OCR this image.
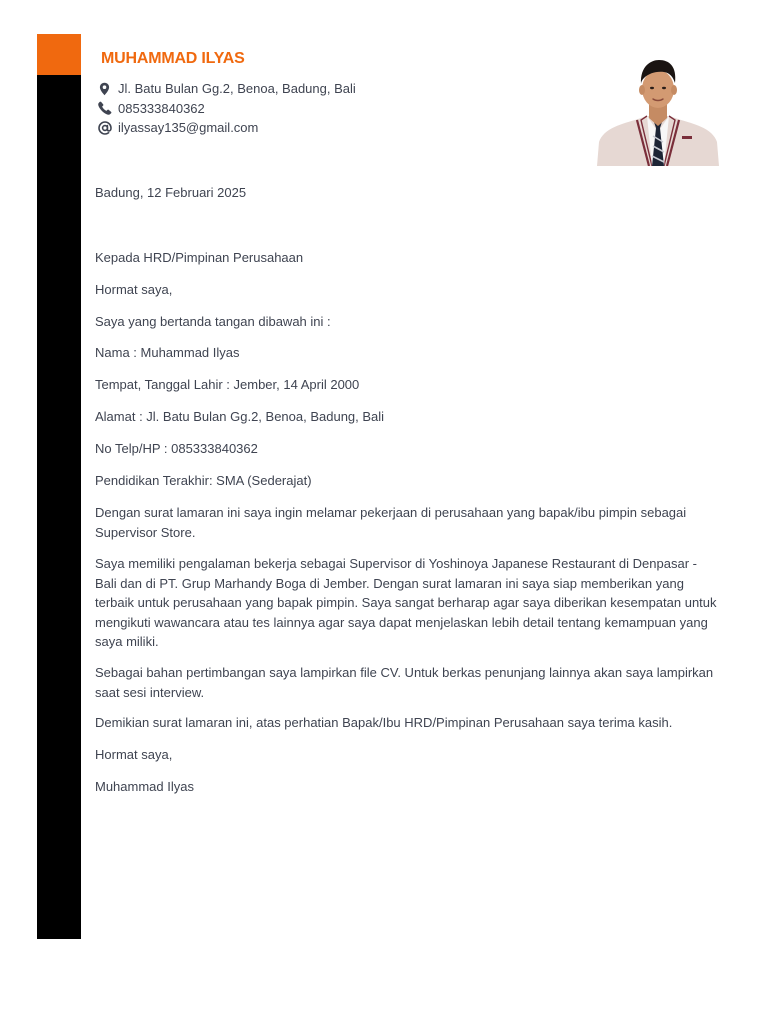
MUHAMMAD ILYAS
Jl. Batu Bulan Gg.2, Benoa, Badung, Bali
085333840362
ilyassay135@gmail.com

Badung, 12 Februari 2025

Kepada HRD/Pimpinan Perusahaan

Hormat saya,

Saya yang bertanda tangan dibawah ini :

Nama : Muhammad Ilyas

Tempat, Tanggal Lahir : Jember, 14 April 2000

Alamat : Jl. Batu Bulan Gg.2, Benoa, Badung, Bali

No Telp/HP : 085333840362

Pendidikan Terakhir: SMA (Sederajat)

Dengan surat lamaran ini saya ingin melamar pekerjaan di perusahaan yang bapak/ibu pimpin sebagai Supervisor Store.

Saya memiliki pengalaman bekerja sebagai Supervisor di Yoshinoya Japanese Restaurant di Denpasar - Bali dan di PT. Grup Marhandy Boga di Jember. Dengan surat lamaran ini saya siap memberikan yang terbaik untuk perusahaan yang bapak pimpin. Saya sangat berharap agar saya diberikan kesempatan untuk mengikuti wawancara atau tes lainnya agar saya dapat menjelaskan lebih detail tentang kemampuan yang saya miliki.

Sebagai bahan pertimbangan saya lampirkan file CV. Untuk berkas penunjang lainnya akan saya lampirkan saat sesi interview.

Demikian surat lamaran ini, atas perhatian Bapak/Ibu HRD/Pimpinan Perusahaan saya terima kasih.

Hormat saya,

Muhammad Ilyas
